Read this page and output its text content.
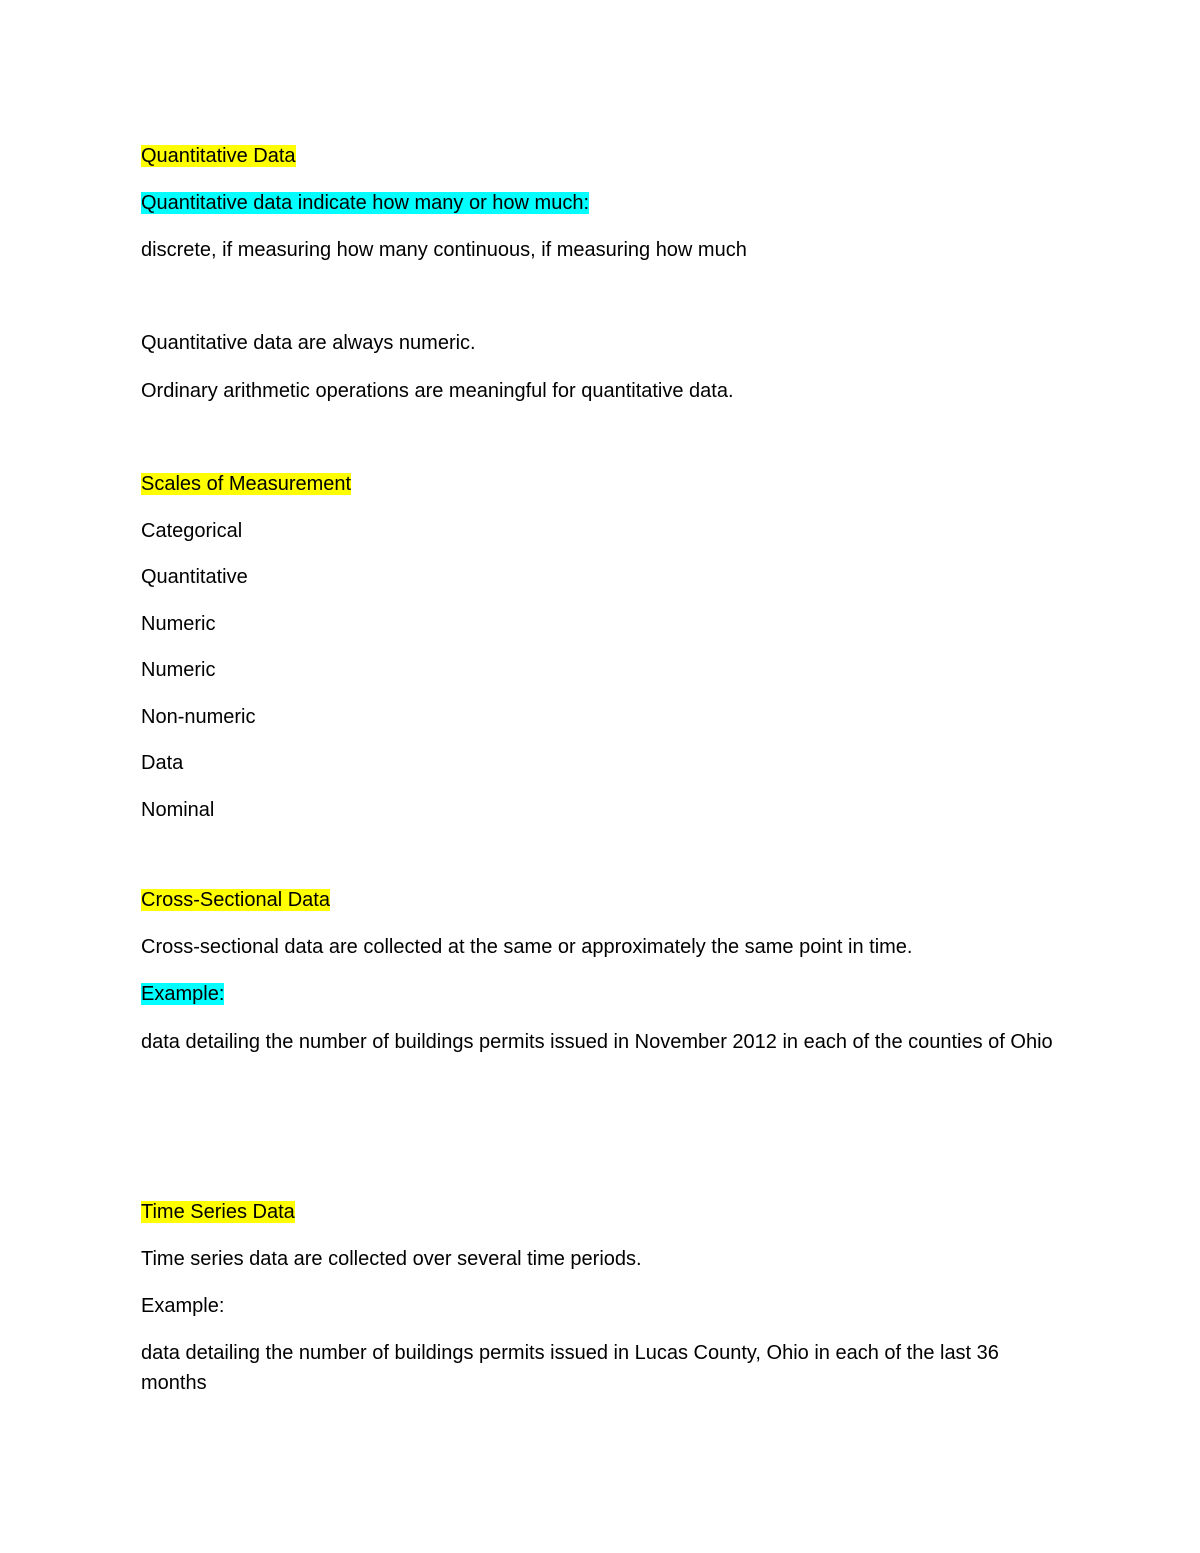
Quantitative Data

Quantitative data indicate how many or how much:

discrete, if measuring how many continuous, if measuring how much

Quantitative data are always numeric.

Ordinary arithmetic operations are meaningful for quantitative data.

Scales of Measurement

Categorical

Quantitative

Numeric

Numeric

Non-numeric

Data

Nominal

Cross-Sectional Data

Cross-sectional data are collected at the same or approximately the same point in time.

Example:

data detailing the number of buildings permits issued in November 2012 in each of the counties of Ohio

Time Series Data

Time series data are collected over several time periods.

Example:

data detailing the number of buildings permits issued in Lucas County, Ohio in each of the last 36 months
